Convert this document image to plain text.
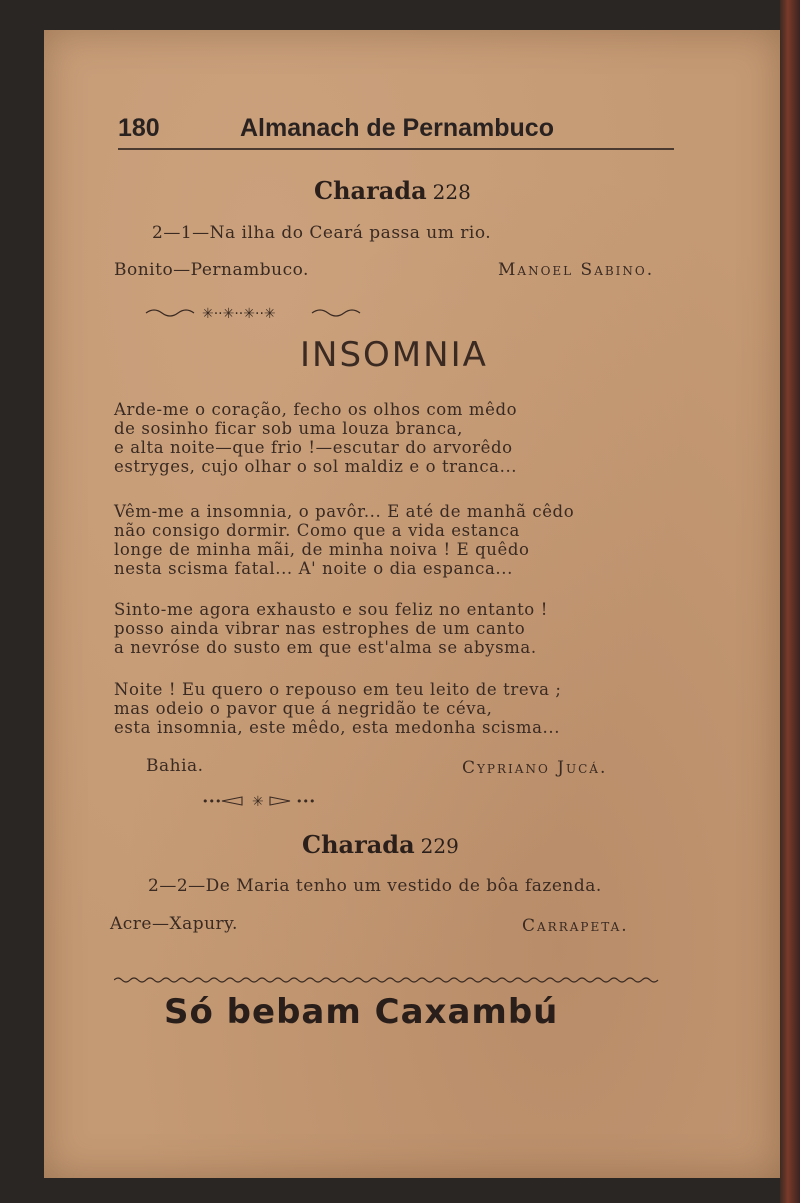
180	Almanach de Pernambuco
Charada 228
2—1—Na ilha do Ceará passa um rio.
Bonito—Pernambuco.	Manoel Sabino.
✳··✳··✳··✳
INSOMNIA
Arde-me o coração, fecho os olhos com mêdo
de sosinho ficar sob uma louza branca,
e alta noite—que frio !—escutar do arvorêdo
estryges, cujo olhar o sol maldiz e o tranca...
Vêm-me a insomnia, o pavôr... E até de manhã cêdo
não consigo dormir. Como que a vida estanca
longe de minha mãi, de minha noiva ! E quêdo
nesta scisma fatal... A' noite o dia espanca...
Sinto-me agora exhausto e sou feliz no entanto !
posso ainda vibrar nas estrophes de um canto
a nevróse do susto em que est'alma se abysma.
Noite ! Eu quero o repouso em teu leito de treva ;
mas odeio o pavor que á negridão te céva,
esta insomnia, este mêdo, esta medonha scisma...
Bahia.	Cypriano Jucá.
••• ✳	•••
Charada 229
2—2—De Maria tenho um vestido de bôa fazenda.
Acre—Xapury.	Carrapeta.
Só bebam Caxambú
